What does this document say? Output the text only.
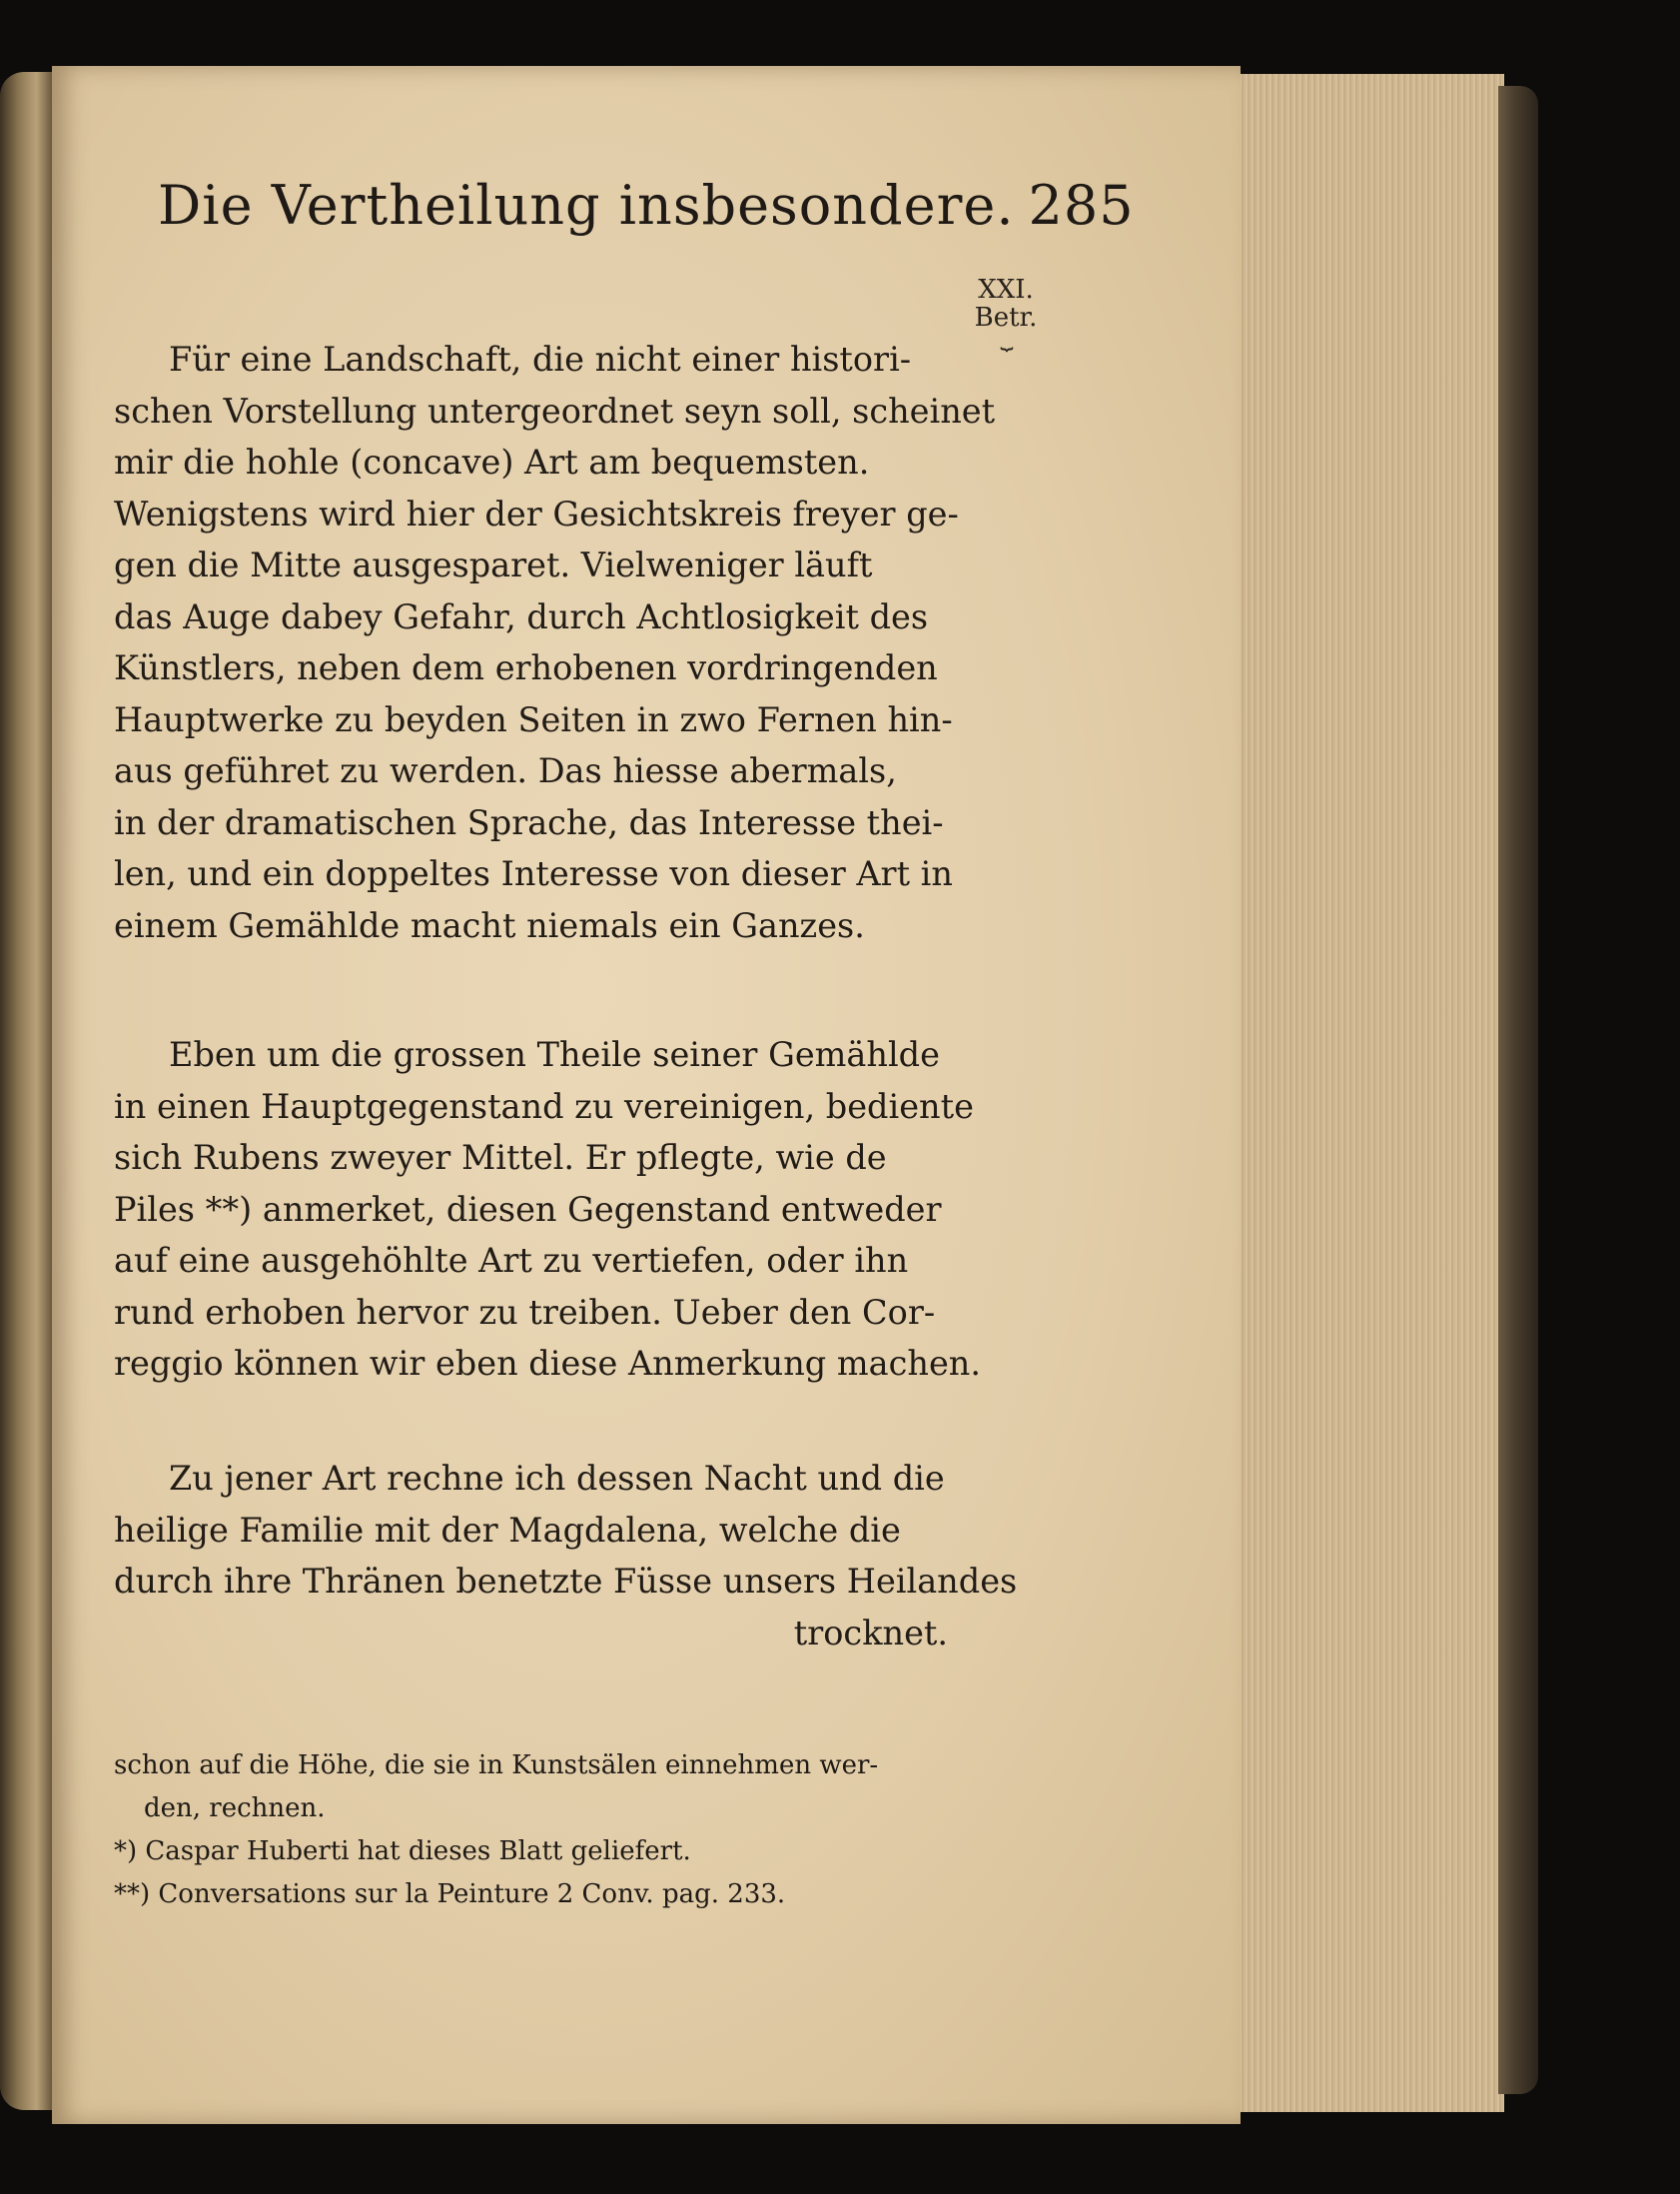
Die Vertheilung insbesondere. 285
XXI.
Betr.
⏟
Für eine Landschaft, die nicht einer histori-
schen Vorstellung untergeordnet seyn soll, scheinet
mir die hohle (concave) Art am bequemsten.
Wenigstens wird hier der Gesichtskreis freyer ge-
gen die Mitte ausgesparet. Vielweniger läuft
das Auge dabey Gefahr, durch Achtlosigkeit des
Künstlers, neben dem erhobenen vordringenden
Hauptwerke zu beyden Seiten in zwo Fernen hin-
aus geführet zu werden. Das hiesse abermals,
in der dramatischen Sprache, das Interesse thei-
len, und ein doppeltes Interesse von dieser Art in
einem Gemählde macht niemals ein Ganzes.
Eben um die grossen Theile seiner Gemählde
in einen Hauptgegenstand zu vereinigen, bediente
sich Rubens zweyer Mittel. Er pflegte, wie de
Piles **) anmerket, diesen Gegenstand entweder
auf eine ausgehöhlte Art zu vertiefen, oder ihn
rund erhoben hervor zu treiben. Ueber den Cor-
reggio können wir eben diese Anmerkung machen.
Zu jener Art rechne ich dessen Nacht und die
heilige Familie mit der Magdalena, welche die
durch ihre Thränen benetzte Füsse unsers Heilandes
trocknet.
schon auf die Höhe, die sie in Kunstsälen einnehmen wer-
den, rechnen.
*) Caspar Huberti hat dieses Blatt geliefert.
**) Conversations sur la Peinture 2 Conv. pag. 233.
